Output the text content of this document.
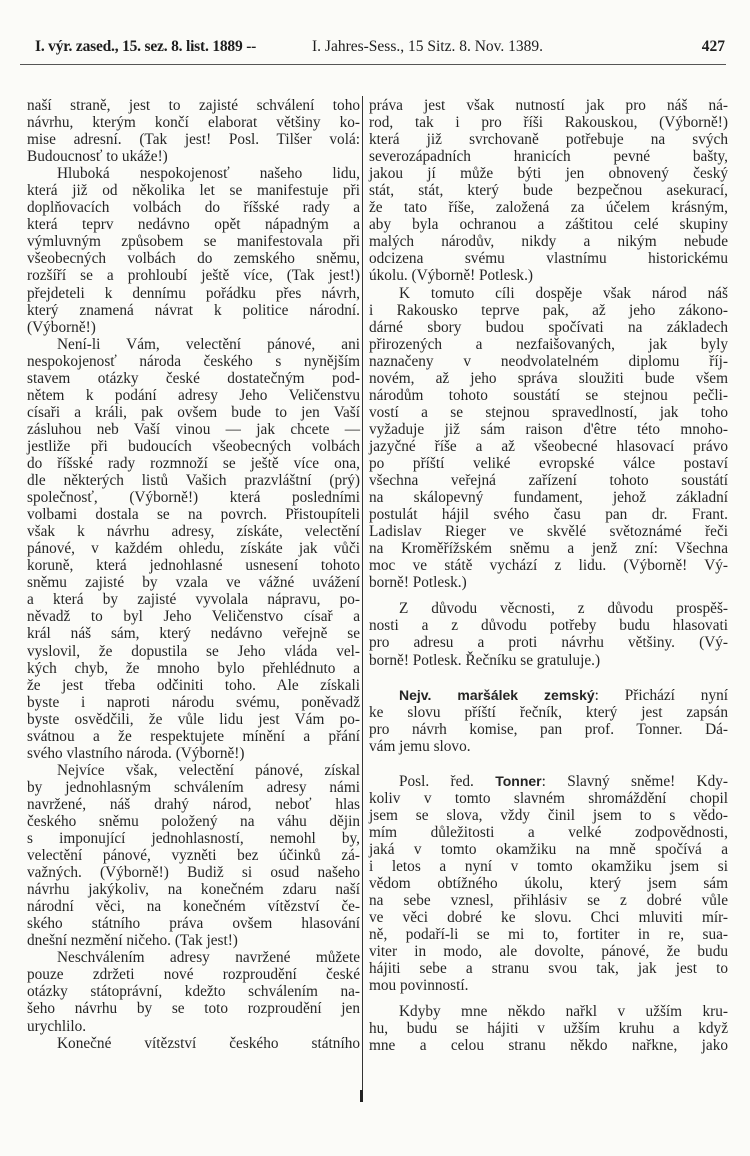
I. výr. zased., 15. sez. 8. list. 1889 --	I. Jahres-Sess., 15 Sitz. 8. Nov. 1389.	427
naší straně, jest to zajisté schválení toho
návrhu, kterým končí elaborat většiny ko-
mise adresní. (Tak jest! Posl. Tilšer volá:
Budoucnosť to ukáže!)
Hluboká nespokojenosť našeho lidu,
která již od několika let se manifestuje při
doplňovacích volbách do říšské rady a
která teprv nedávno opět nápadným a
výmluvným způsobem se manifestovala při
všeobecných volbách do zemského sněmu,
rozšíří se a prohloubí ještě více, (Tak jest!)
přejdeteli k dennímu pořádku přes návrh,
který znamená návrat k politice národní.
(Výborně!)
Není-li Vám, velectění pánové, ani
nespokojenosť národa českého s nynějším
stavem otázky české dostatečným pod-
nětem k podání adresy Jeho Veličenstvu
císaři a králi, pak ovšem bude to jen Vaší
zásluhou neb Vaší vinou — jak chcete —
jestliže při budoucích všeobecných volbách
do říšské rady rozmnoží se ještě více ona,
dle některých listů Vašich prazvláštní (prý)
společnosť, (Výborně!) která posledními
volbami dostala se na povrch. Přistoupíteli
však k návrhu adresy, získáte, velectění
pánové, v každém ohledu, získáte jak vůči
koruně, která jednohlasné usnesení tohoto
sněmu zajisté by vzala ve vážné uvážení
a která by zajisté vyvolala nápravu, po-
něvadž to byl Jeho Veličenstvo císař a
král náš sám, který nedávno veřejně se
vyslovil, že dopustila se Jeho vláda vel-
kých chyb, že mnoho bylo přehlédnuto a
že jest třeba odčiniti toho. Ale získali
byste i naproti národu svému, poněvadž
byste osvědčili, že vůle lidu jest Vám po-
svátnou a že respektujete mínění a přání
svého vlastního národa. (Výborně!)
Nejvíce však, velectění pánové, získal
by jednohlasným schválením adresy námi
navržené, náš drahý národ, neboť hlas
českého sněmu položený na váhu dějin
s imponující jednohlasností, nemohl by,
velectění pánové, vyzněti bez účinků zá-
važných. (Výborně!) Budiž si osud našeho
návrhu jakýkoliv, na konečném zdaru naší
národní věci, na konečném vítězství če-
ského státního práva ovšem hlasování
dnešní nezmění ničeho. (Tak jest!)
Neschválením adresy navržené můžete
pouze zdržeti nové rozproudění české
otázky státoprávní, kdežto schválením na-
šeho návrhu by se toto rozproudění jen
urychlilo.
Konečné vítězství českého státního
práva jest však nutností jak pro náš ná-
rod, tak i pro říši Rakouskou, (Výborně!)
která již svrchovaně potřebuje na svých
severozápadních hranicích pevné bašty,
jakou jí může býti jen obnovený český
stát, stát, který bude bezpečnou asekurací,
že tato říše, založená za účelem krásným,
aby byla ochranou a záštitou celé skupiny
malých národův, nikdy a nikým nebude
odcizena svému vlastnímu historickému
úkolu. (Výborně! Potlesk.)
K tomuto cíli dospěje však národ náš
i Rakousko teprve pak, až jeho zákono-
dárné sbory budou spočívati na základech
přirozených a nezfaišovaných, jak byly
naznačeny v neodvolatelném diplomu říj-
novém, až jeho správa sloužiti bude všem
národům tohoto soustátí se stejnou pečli-
vostí a se stejnou spravedlností, jak toho
vyžaduje již sám raison d'être této mnoho-
jazyčné říše a až všeobecné hlasovací právo
po příští veliké evropské válce postaví
všechna veřejná zařízení tohoto soustátí
na skálopevný fundament, jehož základní
postulát hájil svého času pan dr. Frant.
Ladislav Rieger ve skvělé světoznámé řeči
na Kroměřížském sněmu a jenž zní: Všechna
moc ve státě vychází z lidu. (Výborně! Vý-
borně! Potlesk.)
Z důvodu věcnosti, z důvodu prospěš-
nosti a z důvodu potřeby budu hlasovati
pro adresu a proti návrhu většiny. (Vý-
borně! Potlesk. Řečníku se gratuluje.)
Nejv. maršálek zemský: Přichází nyní
ke slovu příští řečník, který jest zapsán
pro návrh komise, pan prof. Tonner. Dá-
vám jemu slovo.
Posl. řed. Tonner: Slavný sněme! Kdy-
koliv v tomto slavném shromáždění chopil
jsem se slova, vždy činil jsem to s vědo-
mím důležitosti a velké zodpovědnosti,
jaká v tomto okamžiku na mně spočívá a
i letos a nyní v tomto okamžiku jsem si
vědom obtížného úkolu, který jsem sám
na sebe vznesl, přihlásiv se z dobré vůle
ve věci dobré ke slovu. Chci mluviti mír-
ně, podaří-li se mi to, fortiter in re, sua-
viter in modo, ale dovolte, pánové, že budu
hájiti sebe a stranu svou tak, jak jest to
mou povinností.
Kdyby mne někdo nařkl v užším kru-
hu, budu se hájiti v užším kruhu a když
mne a celou stranu někdo nařkne, jako
